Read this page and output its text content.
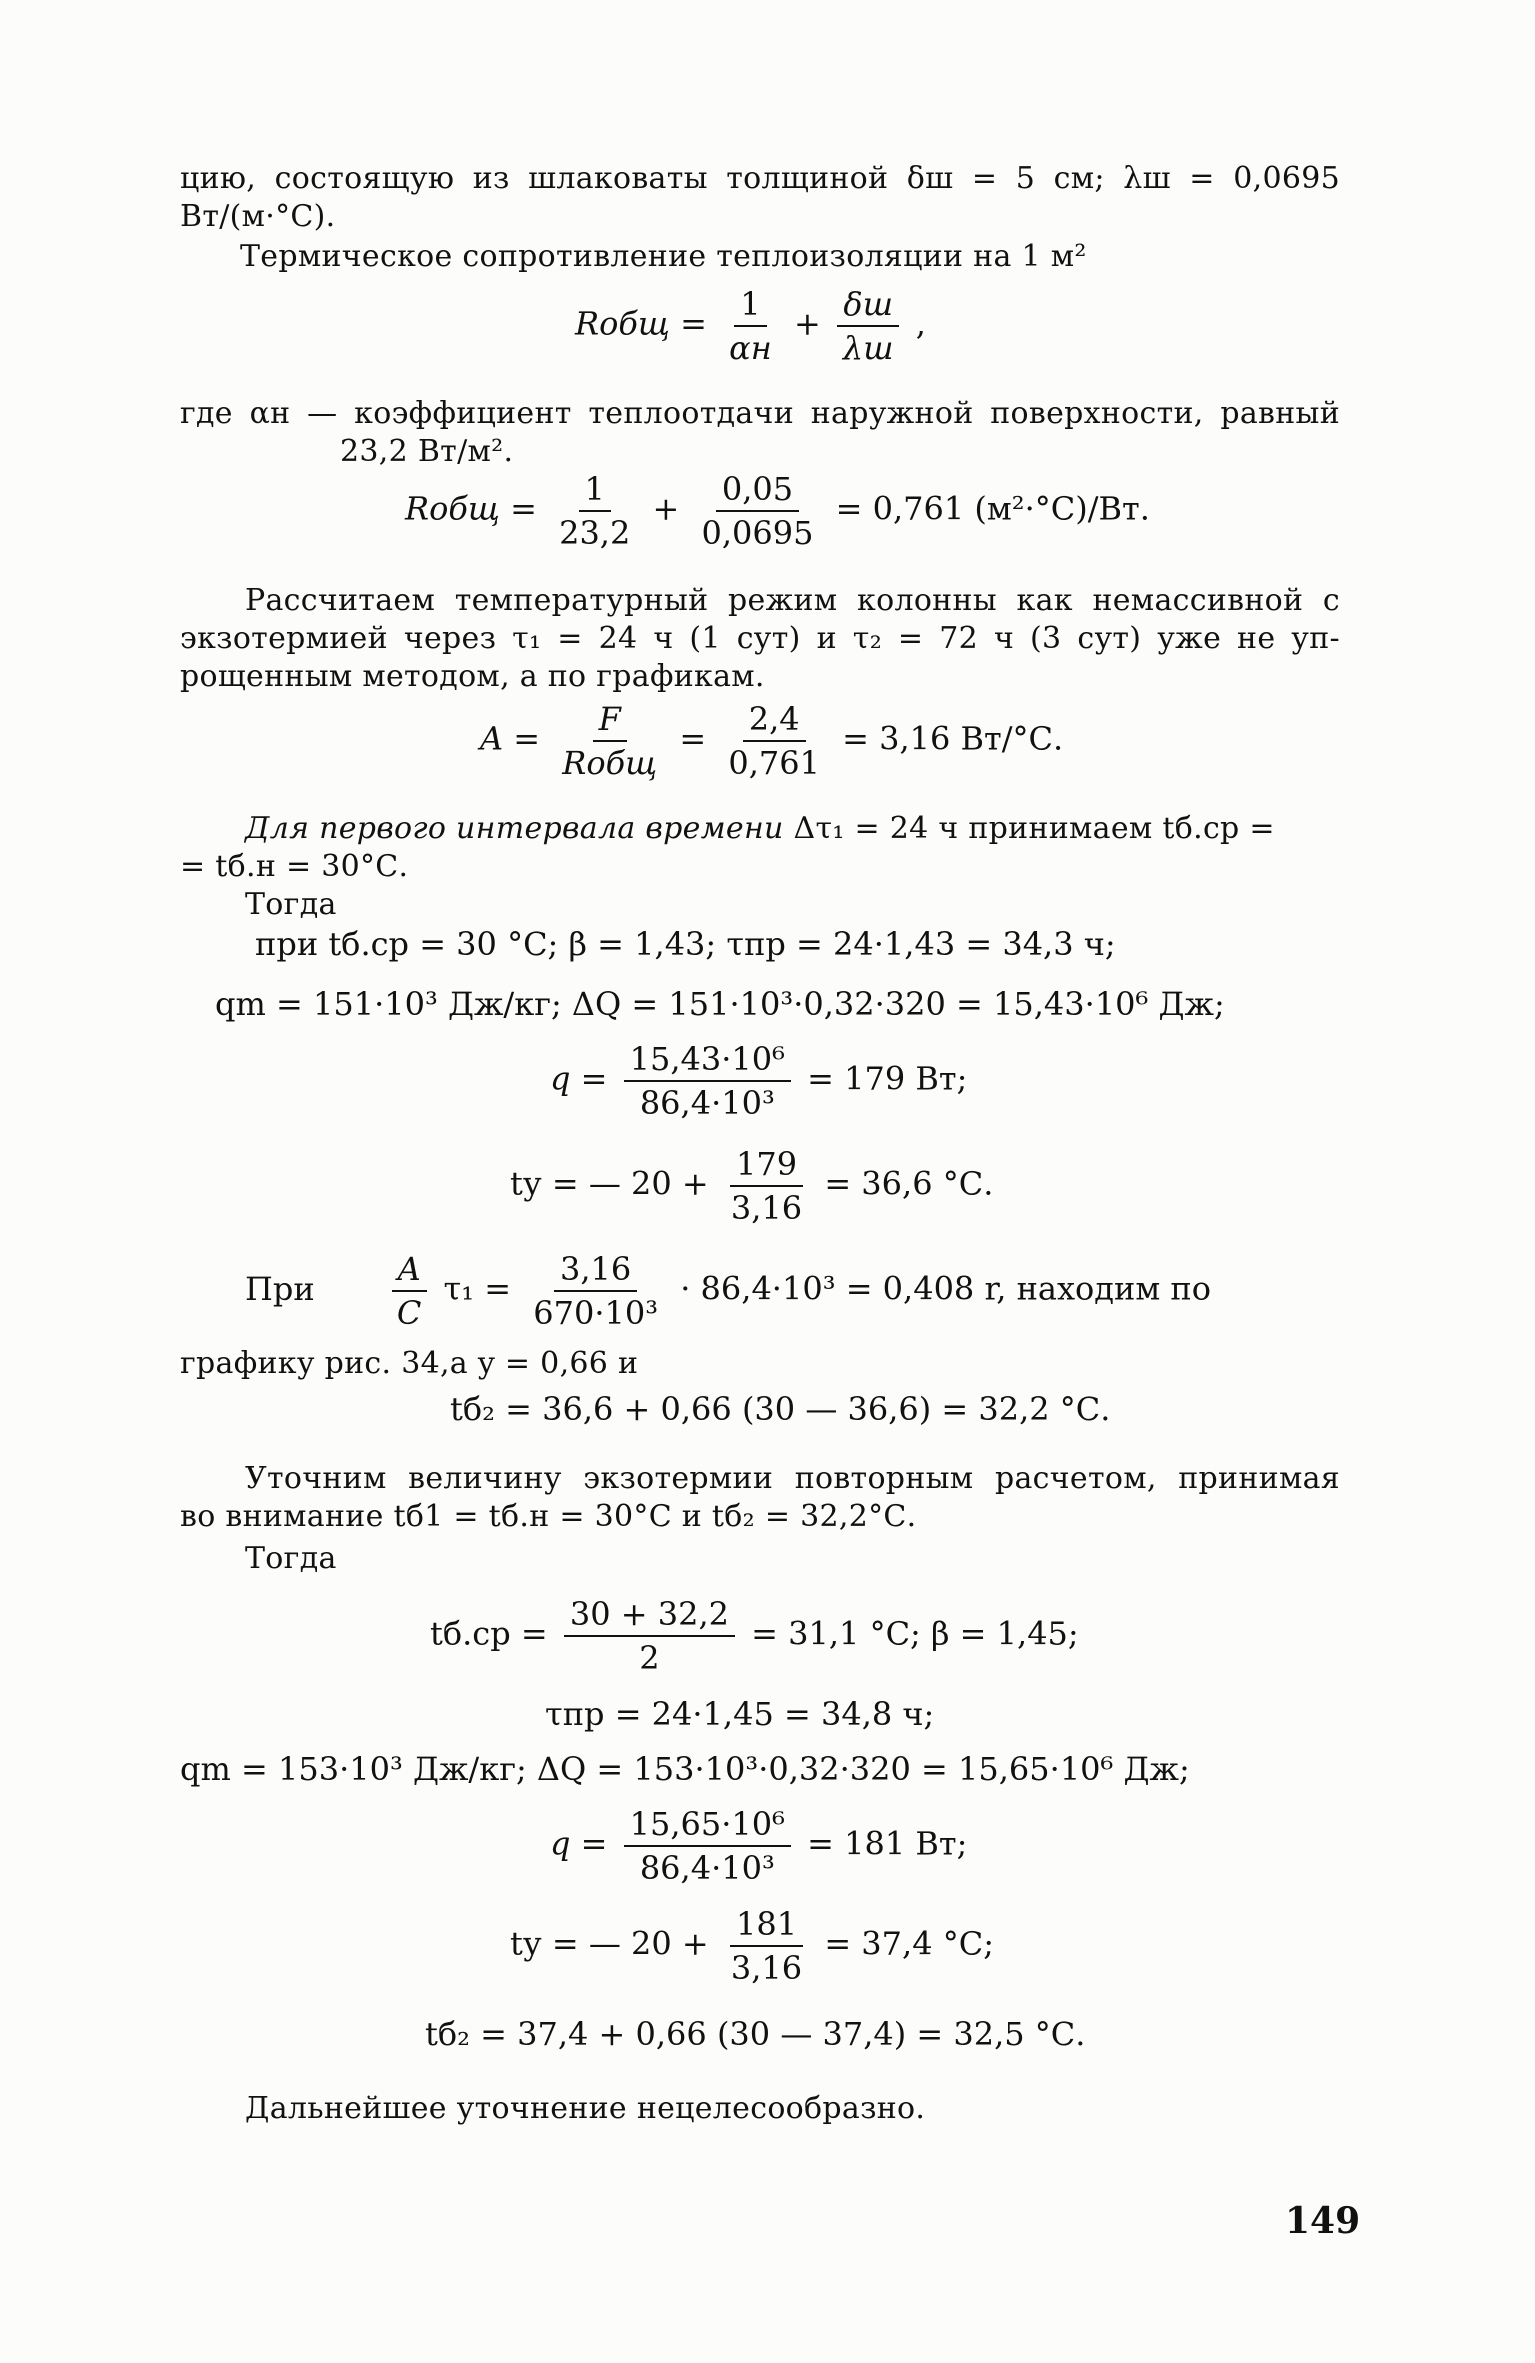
цию, состоящую из шлаковаты толщиной δш = 5 см; λш = 0,0695
Вт/(м·°С).
Термическое сопротивление теплоизоляции на 1 м²
Rобщ = $\frac{1}{\alpha н} + \frac{\delta ш}{\lambda ш}$ ,
где αн — коэффициент теплоотдачи наружной поверхности, равный
23,2 Вт/м².
Rобщ = $\frac{1}{23,2} + \frac{0,05}{0,0695} = 0,761$ (м²·°С)/Вт.
Рассчитаем температурный режим колонны как немассивной с
экзотермией через τ₁ = 24 ч (1 сут) и τ₂ = 72 ч (3 сут) уже не уп-
рощенным методом, а по графикам.
$A = \frac{F}{\text{Rобщ}} = \frac{2,4}{0,761} = 3,16$ Вт/°С.
Для первого интервала времени Δτ₁ = 24 ч принимаем tб.ср =
= tб.н = 30°С.
Тогда
при tб.ср = 30 °С; β = 1,43; τпр = 24·1,43 = 34,3 ч;
qm = 151·10³ Дж/кг; ΔQ = 151·10³·0,32·320 = 15,43·10⁶ Дж;
$q = \frac{\text{15,43·10⁶}}{\text{86,4·10³}} = 179$ Вт;
tу = — $20 + \frac{179}{3,16} = 36,6$ °С.
При $\frac{A}{C} \tau_1 = \frac{3,16}{\text{670·10³}} \cdot 86,4\cdot 10^3 = 0,408$ r, находим по
графику рис. 34,а y = 0,66 и
tб₂ = 36,6 + 0,66 (30 — 36,6) = 32,2 °С.
Уточним величину экзотермии повторным расчетом, принимая
во внимание tб1 = tб.н = 30°С и tб₂ = 32,2°С.
Тогда
$tб.ср = \frac{30 + 32,2}{2} = 31,1$ °С; β = 1,45;
τпр = 24·1,45 = 34,8 ч;
qm = 153·10³ Дж/кг; ΔQ = 153·10³·0,32·320 = 15,65·10⁶ Дж;
$q = \frac{\text{15,65·10⁶}}{\text{86,4·10³}} = 181$ Вт;
tу = — $20 + \frac{181}{3,16} = 37,4$ °С;
tб₂ = 37,4 + 0,66 (30 — 37,4) = 32,5 °С.
Дальнейшее уточнение нецелесообразно.
149
